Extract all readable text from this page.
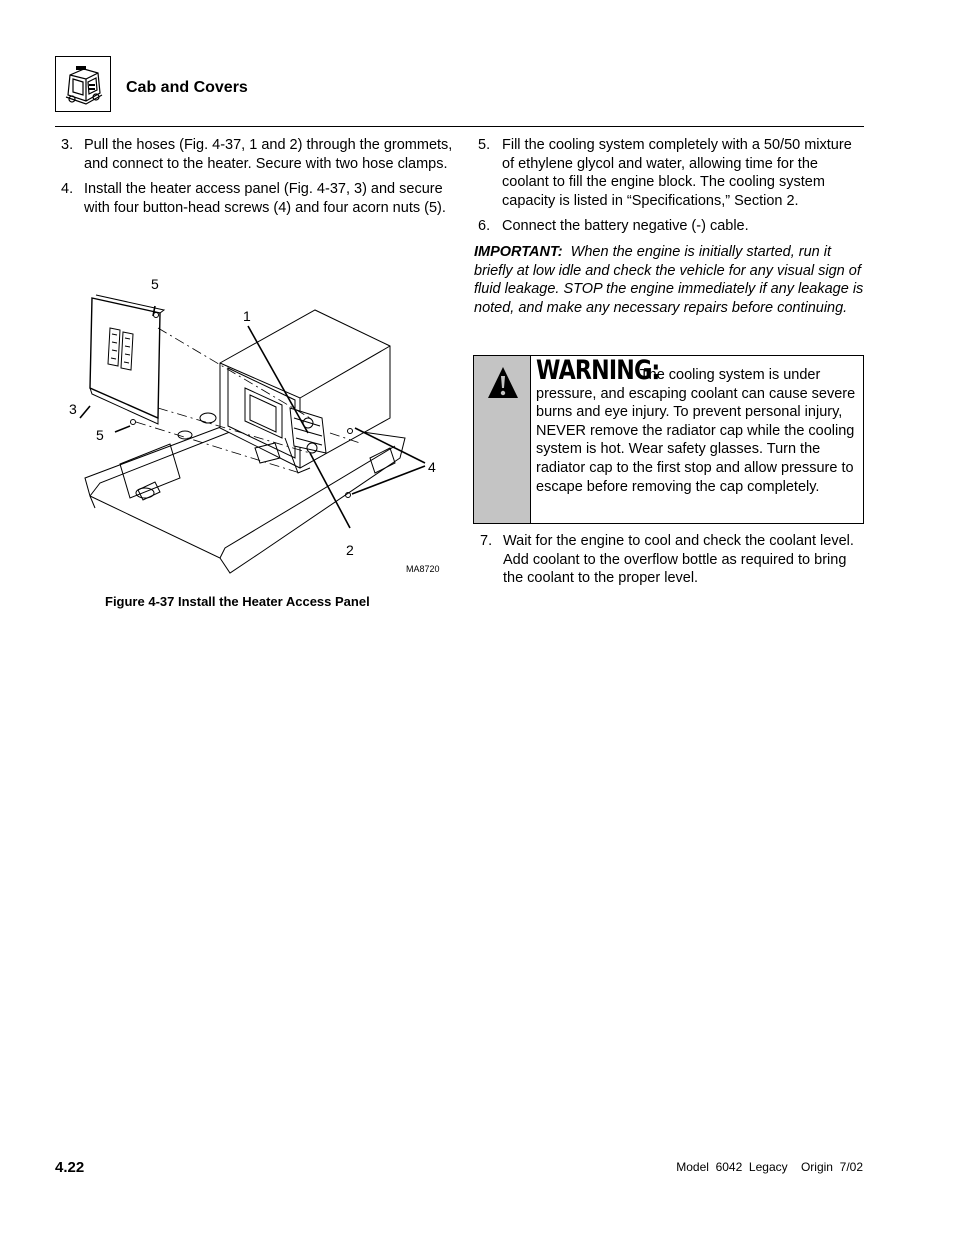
Cab and Covers
3. Pull the hoses (Fig. 4-37, 1 and 2) through the grommets, and connect to the heater. Secure with two hose clamps.
4. Install the heater access panel (Fig. 4-37, 3) and secure with four button-head screws (4) and four acorn nuts (5).
5. Fill the cooling system completely with a 50/50 mixture of ethylene glycol and water, allowing time for the coolant to fill the engine block. The cooling system capacity is listed in “Specifications,” Section 2.
6. Connect the battery negative (-) cable.
IMPORTANT: When the engine is initially started, run it briefly at low idle and check the vehicle for any visual sign of fluid leakage. STOP the engine immediately if any leakage is noted, and make any necessary repairs before continuing.
WARNING: The cooling system is under pressure, and escaping coolant can cause severe burns and eye injury. To prevent personal injury, NEVER remove the radiator cap while the cooling system is hot. Wear safety glasses. Turn the radiator cap to the first stop and allow pressure to escape before removing the cap completely.
7. Wait for the engine to cool and check the coolant level. Add coolant to the overflow bottle as required to bring the coolant to the proper level.
5
1
3
5
4
2
MA8720
Figure 4-37 Install the Heater Access Panel
4.22	Model  6042  Legacy    Origin  7/02
